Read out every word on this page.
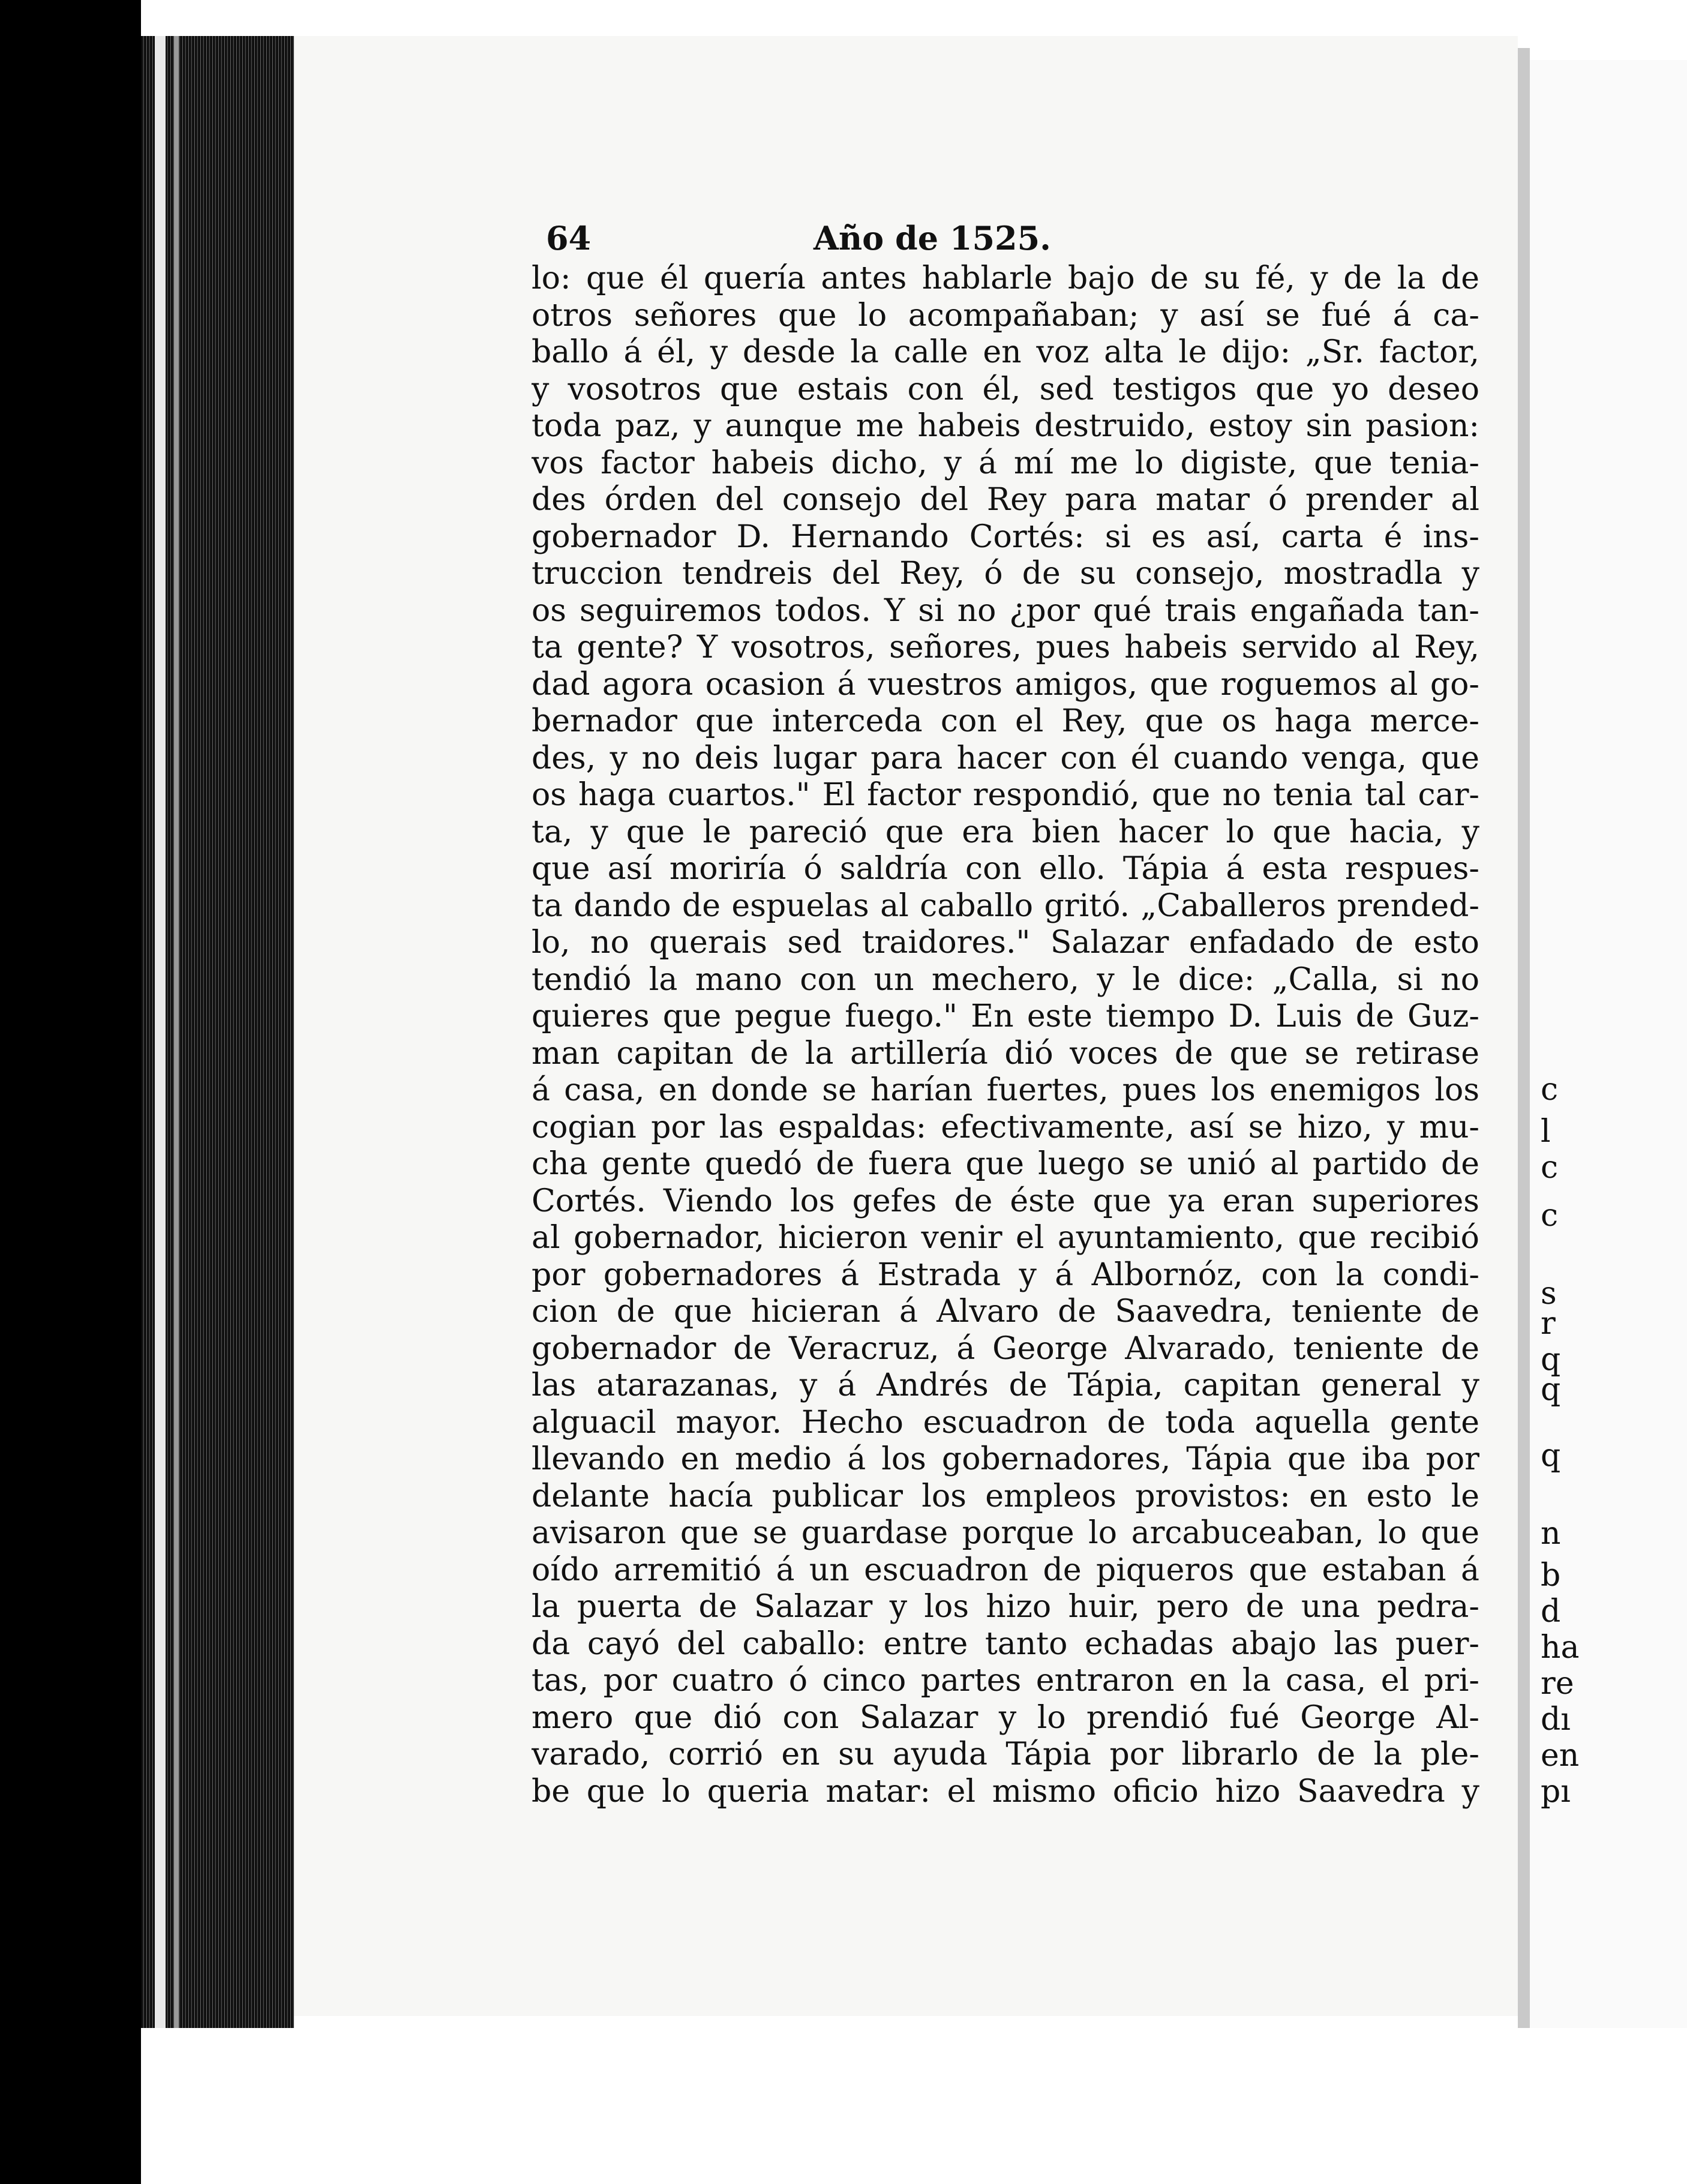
c
l
c
c
s
r
q
q
q
n
b
d
ha
re
dı
en
pı
64	Año de 1525.
lo: que él quería antes hablarle bajo de su fé, y de la de
otros señores que lo acompañaban; y así se fué á ca-
ballo á él, y desde la calle en voz alta le dijo: „Sr. factor,
y vosotros que estais con él, sed testigos que yo deseo
toda paz, y aunque me habeis destruido, estoy sin pasion:
vos factor habeis dicho, y á mí me lo digiste, que tenia-
des órden del consejo del Rey para matar ó prender al
gobernador D. Hernando Cortés: si es así, carta é ins-
truccion tendreis del Rey, ó de su consejo, mostradla y
os seguiremos todos. Y si no ¿por qué trais engañada tan-
ta gente? Y vosotros, señores, pues habeis servido al Rey,
dad agora ocasion á vuestros amigos, que roguemos al go-
bernador que interceda con el Rey, que os haga merce-
des, y no deis lugar para hacer con él cuando venga, que
os haga cuartos." El factor respondió, que no tenia tal car-
ta, y que le pareció que era bien hacer lo que hacia, y
que así moriría ó saldría con ello. Tápia á esta respues-
ta dando de espuelas al caballo gritó. „Caballeros prended-
lo, no querais sed traidores." Salazar enfadado de esto
tendió la mano con un mechero, y le dice: „Calla, si no
quieres que pegue fuego." En este tiempo D. Luis de Guz-
man capitan de la artillería dió voces de que se retirase
á casa, en donde se harían fuertes, pues los enemigos los
cogian por las espaldas: efectivamente, así se hizo, y mu-
cha gente quedó de fuera que luego se unió al partido de
Cortés. Viendo los gefes de éste que ya eran superiores
al gobernador, hicieron venir el ayuntamiento, que recibió
por gobernadores á Estrada y á Albornóz, con la condi-
cion de que hicieran á Alvaro de Saavedra, teniente de
gobernador de Veracruz, á George Alvarado, teniente de
las atarazanas, y á Andrés de Tápia, capitan general y
alguacil mayor. Hecho escuadron de toda aquella gente
llevando en medio á los gobernadores, Tápia que iba por
delante hacía publicar los empleos provistos: en esto le
avisaron que se guardase porque lo arcabuceaban, lo que
oído arremitió á un escuadron de piqueros que estaban á
la puerta de Salazar y los hizo huir, pero de una pedra-
da cayó del caballo: entre tanto echadas abajo las puer-
tas, por cuatro ó cinco partes entraron en la casa, el pri-
mero que dió con Salazar y lo prendió fué George Al-
varado, corrió en su ayuda Tápia por librarlo de la ple-
be que lo queria matar: el mismo oficio hizo Saavedra y
